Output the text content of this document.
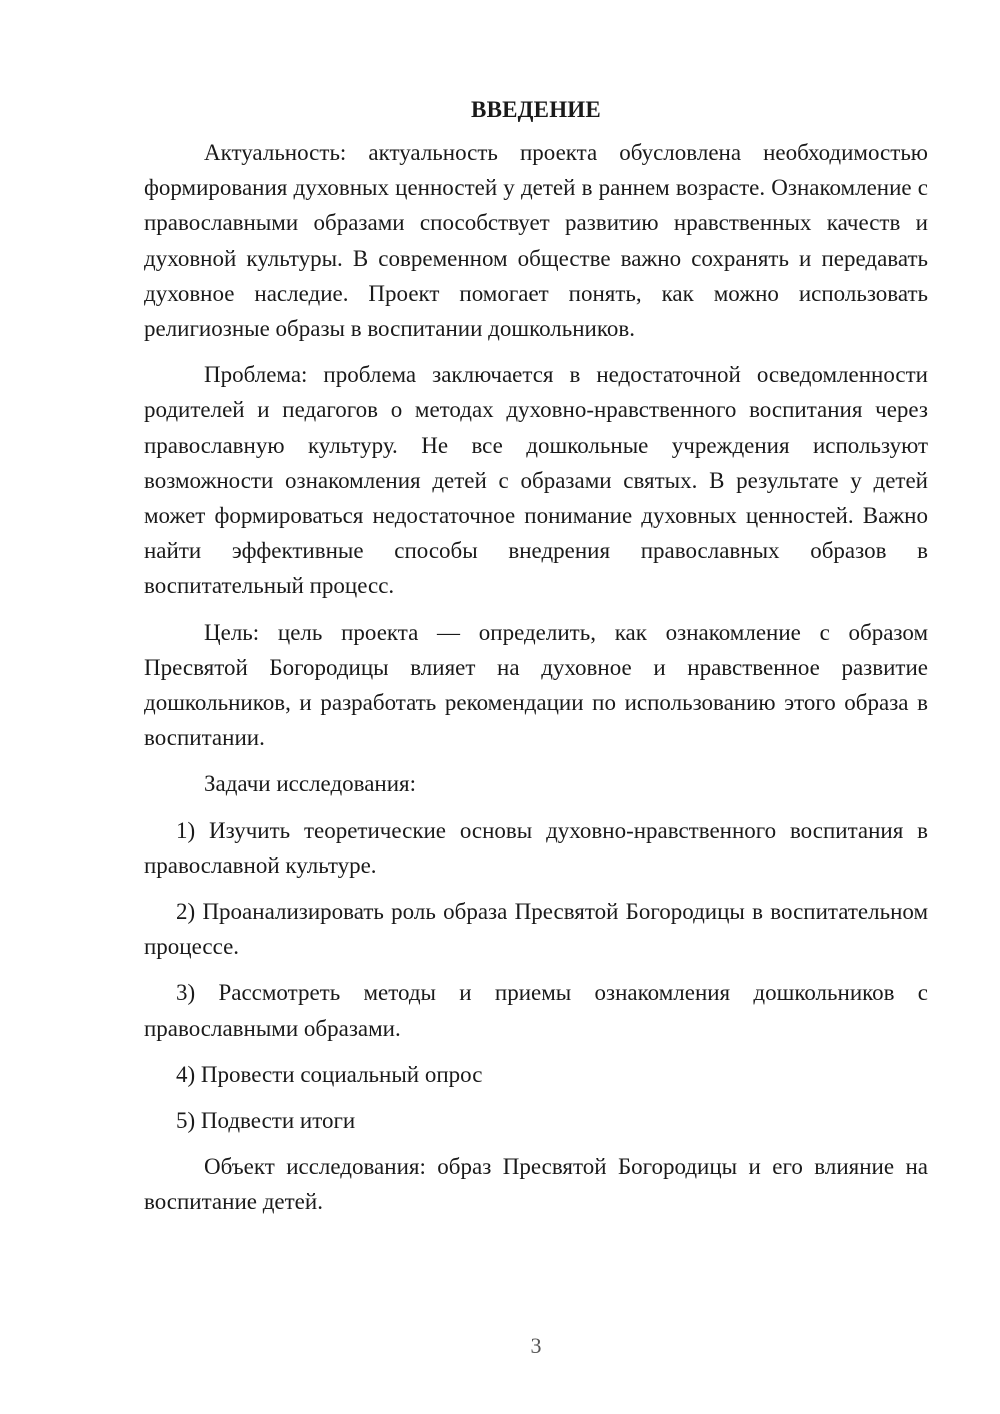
ВВЕДЕНИЕ

Актуальность: актуальность проекта обусловлена необходимостью формирования духовных ценностей у детей в раннем возрасте. Ознакомление с православными образами способствует развитию нравственных качеств и духовной культуры. В современном обществе важно сохранять и передавать духовное наследие. Проект помогает понять, как можно использовать религиозные образы в воспитании дошкольников.

Проблема: проблема заключается в недостаточной осведомленности родителей и педагогов о методах духовно-нравственного воспитания через православную культуру. Не все дошкольные учреждения используют возможности ознакомления детей с образами святых. В результате у детей может формироваться недостаточное понимание духовных ценностей. Важно найти эффективные способы внедрения православных образов в воспитательный процесс.

Цель: цель проекта — определить, как ознакомление с образом Пресвятой Богородицы влияет на духовное и нравственное развитие дошкольников, и разработать рекомендации по использованию этого образа в воспитании.

Задачи исследования:

1) Изучить теоретические основы духовно-нравственного воспитания в православной культуре.

2) Проанализировать роль образа Пресвятой Богородицы в воспитательном процессе.

3) Рассмотреть методы и приемы ознакомления дошкольников с православными образами.

4) Провести социальный опрос

5) Подвести итоги

Объект исследования: образ Пресвятой Богородицы и его влияние на воспитание детей.

3
